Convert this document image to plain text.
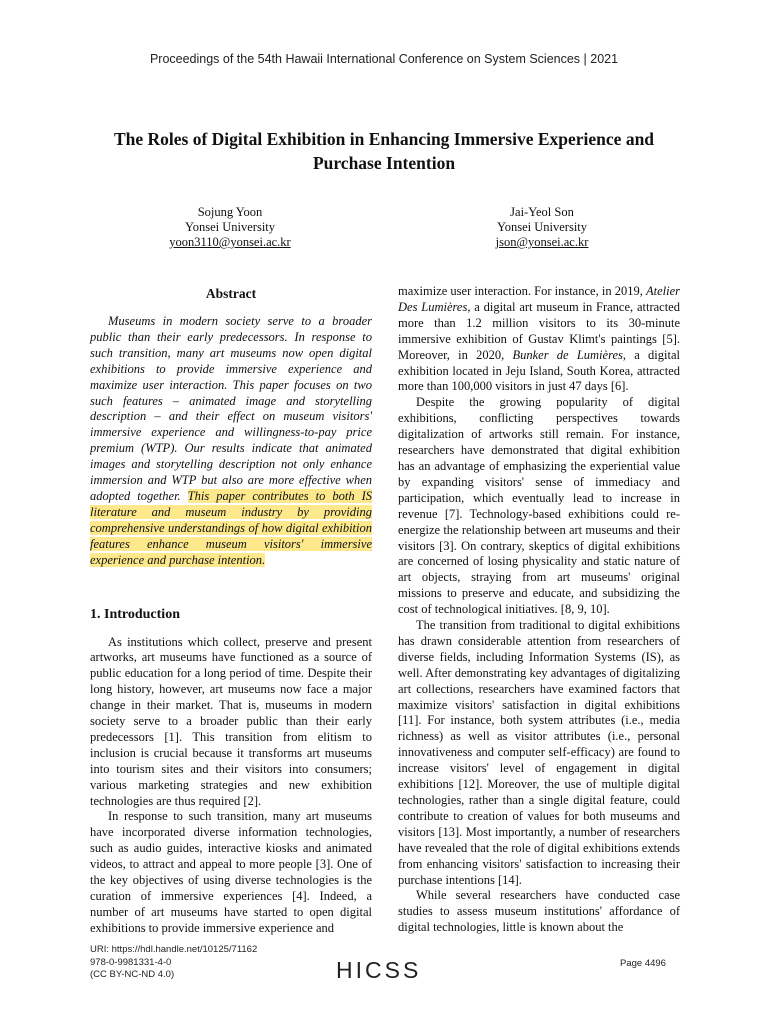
Proceedings of the 54th Hawaii International Conference on System Sciences | 2021
The Roles of Digital Exhibition in Enhancing Immersive Experience and Purchase Intention
Sojung Yoon
Yonsei University
yoon3110@yonsei.ac.kr
Jai-Yeol Son
Yonsei University
json@yonsei.ac.kr
Abstract

Museums in modern society serve to a broader public than their early predecessors. In response to such transition, many art museums now open digital exhibitions to provide immersive experience and maximize user interaction. This paper focuses on two such features – animated image and storytelling description – and their effect on museum visitors' immersive experience and willingness-to-pay price premium (WTP). Our results indicate that animated images and storytelling description not only enhance immersion and WTP but also are more effective when adopted together. This paper contributes to both IS literature and museum industry by providing comprehensive understandings of how digital exhibition features enhance museum visitors' immersive experience and purchase intention.

1. Introduction

As institutions which collect, preserve and present artworks, art museums have functioned as a source of public education for a long period of time. Despite their long history, however, art museums now face a major change in their market. That is, museums in modern society serve to a broader public than their early predecessors [1]. This transition from elitism to inclusion is crucial because it transforms art museums into tourism sites and their visitors into consumers; various marketing strategies and new exhibition technologies are thus required [2].

In response to such transition, many art museums have incorporated diverse information technologies, such as audio guides, interactive kiosks and animated videos, to attract and appeal to more people [3]. One of the key objectives of using diverse technologies is the curation of immersive experiences [4]. Indeed, a number of art museums have started to open digital exhibitions to provide immersive experience and

maximize user interaction. For instance, in 2019, Atelier Des Lumières, a digital art museum in France, attracted more than 1.2 million visitors to its 30-minute immersive exhibition of Gustav Klimt's paintings [5]. Moreover, in 2020, Bunker de Lumières, a digital exhibition located in Jeju Island, South Korea, attracted more than 100,000 visitors in just 47 days [6].

Despite the growing popularity of digital exhibitions, conflicting perspectives towards digitalization of artworks still remain. For instance, researchers have demonstrated that digital exhibition has an advantage of emphasizing the experiential value by expanding visitors' sense of immediacy and participation, which eventually lead to increase in revenue [7]. Technology-based exhibitions could re-energize the relationship between art museums and their visitors [3]. On contrary, skeptics of digital exhibitions are concerned of losing physicality and static nature of art objects, straying from art museums' original missions to preserve and educate, and subsidizing the cost of technological initiatives. [8, 9, 10].

The transition from traditional to digital exhibitions has drawn considerable attention from researchers of diverse fields, including Information Systems (IS), as well. After demonstrating key advantages of digitalizing art collections, researchers have examined factors that maximize visitors' satisfaction in digital exhibitions [11]. For instance, both system attributes (i.e., media richness) as well as visitor attributes (i.e., personal innovativeness and computer self-efficacy) are found to increase visitors' level of engagement in digital exhibitions [12]. Moreover, the use of multiple digital technologies, rather than a single digital feature, could contribute to creation of values for both museums and visitors [13]. Most importantly, a number of researchers have revealed that the role of digital exhibitions extends from enhancing visitors' satisfaction to increasing their purchase intentions [14].

While several researchers have conducted case studies to assess museum institutions' affordance of digital technologies, little is known about the

URI: https://hdl.handle.net/10125/71162
978-0-9981331-4-0
(CC BY-NC-ND 4.0)	HICSS	Page 4496
